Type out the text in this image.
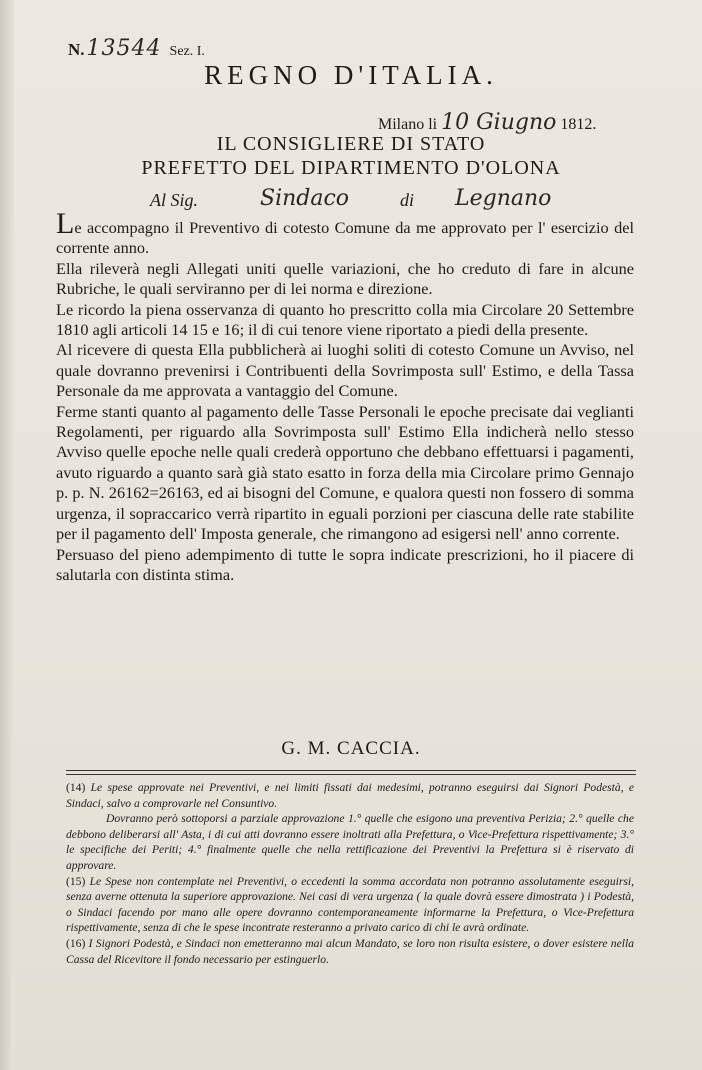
N.13544 Sez. I.
REGNO D'ITALIA.
Milano li 10 Giugno 1812.
IL CONSIGLIERE DI STATO
PREFETTO DEL DIPARTIMENTO D'OLONA
Al Sig.	Sindaco	di Legnano

Le accompagno il Preventivo di cotesto Comune da me approvato per l' esercizio del corrente anno.

Ella rileverà negli Allegati uniti quelle variazioni, che ho creduto di fare in alcune Rubriche, le quali serviranno per di lei norma e direzione.

Le ricordo la piena osservanza di quanto ho prescritto colla mia Circolare 20 Settembre 1810 agli articoli 14 15 e 16; il di cui tenore viene riportato a piedi della presente.

Al ricevere di questa Ella pubblicherà ai luoghi soliti di cotesto Comune un Avviso, nel quale dovranno prevenirsi i Contribuenti della Sovrimposta sull' Estimo, e della Tassa Personale da me approvata a vantaggio del Comune.

Ferme stanti quanto al pagamento delle Tasse Personali le epoche precisate dai veglianti Regolamenti, per riguardo alla Sovrimposta sull' Estimo Ella indicherà nello stesso Avviso quelle epoche nelle quali crederà opportuno che debbano effettuarsi i pagamenti, avuto riguardo a quanto sarà già stato esatto in forza della mia Circolare primo Gennajo p. p. N. 26162=26163, ed ai bisogni del Comune, e qualora questi non fossero di somma urgenza, il sopraccarico verrà ripartito in eguali porzioni per ciascuna delle rate stabilite per il pagamento dell' Imposta generale, che rimangono ad esigersi nell' anno corrente.

Persuaso del pieno adempimento di tutte le sopra indicate prescrizioni, ho il piacere di salutarla con distinta stima.

G. M. CACCIA.

(14) Le spese approvate nei Preventivi, e nei limiti fissati dai medesimi, potranno eseguirsi dai Signori Podestà, e Sindaci, salvo a comprovarle nel Consuntivo.

Dovranno però sottoporsi a parziale approvazione 1.° quelle che esigono una preventiva Perizia; 2.° quelle che debbono deliberarsi all' Asta, i di cui atti dovranno essere inoltrati alla Prefettura, o Vice-Prefettura rispettivamente; 3.° le specifiche dei Periti; 4.° finalmente quelle che nella rettificazione dei Preventivi la Prefettura si è riservato di approvare.

(15) Le Spese non contemplate nei Preventivi, o eccedenti la somma accordata non potranno assolutamente eseguirsi, senza averne ottenuta la superiore approvazione. Nei casi di vera urgenza ( la quale dovrà essere dimostrata ) i Podestà, o Sindaci facendo por mano alle opere dovranno contemporaneamente informarne la Prefettura, o Vice-Prefettura rispettivamente, senza di che le spese incontrate resteranno a privato carico di chi le avrà ordinate.

(16) I Signori Podestà, e Sindaci non emetteranno mai alcun Mandato, se loro non risulta esistere, o dover esistere nella Cassa del Ricevitore il fondo necessario per estinguerlo.
